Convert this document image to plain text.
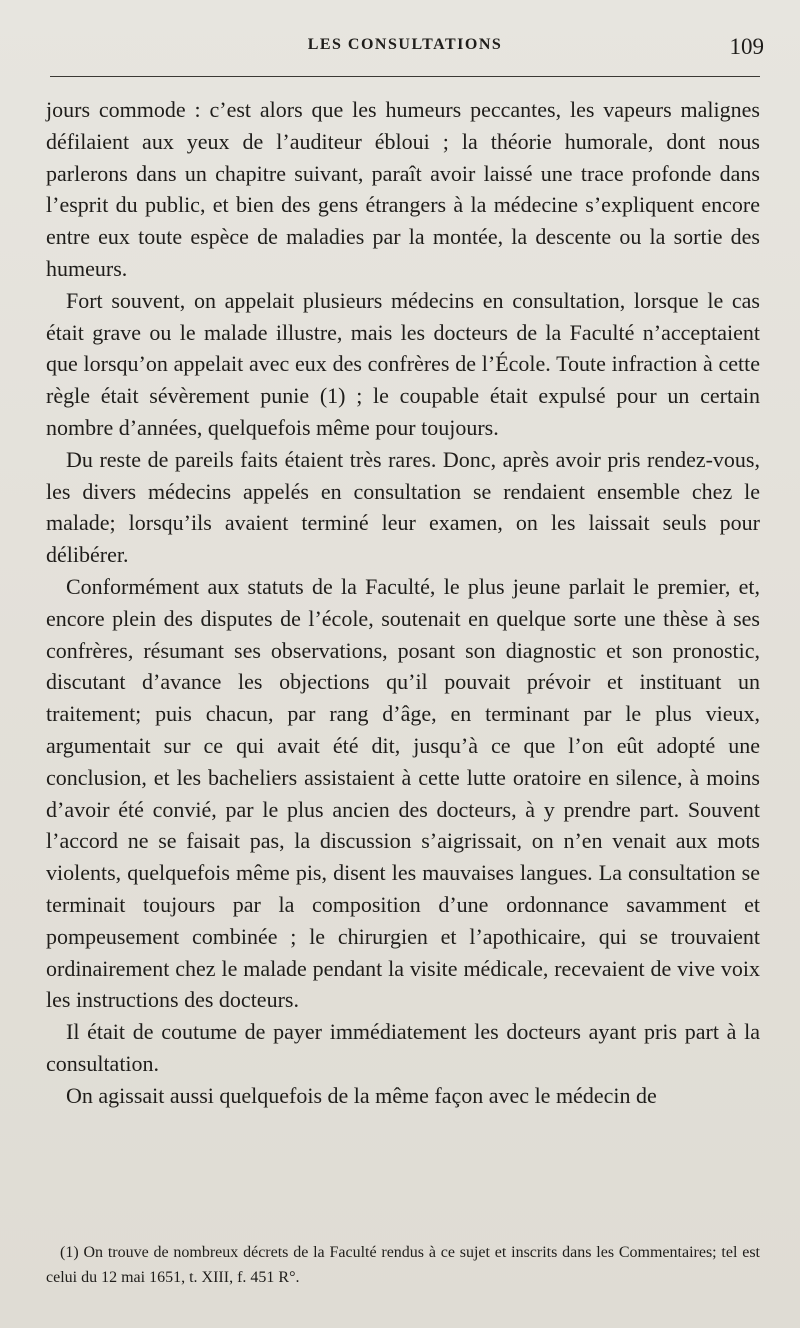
LES CONSULTATIONS	109

jours commode : c’est alors que les humeurs peccantes, les vapeurs malignes défilaient aux yeux de l’auditeur ébloui ; la théorie humorale, dont nous parlerons dans un chapitre suivant, paraît avoir laissé une trace profonde dans l’esprit du public, et bien des gens étrangers à la médecine s’expliquent encore entre eux toute espèce de maladies par la montée, la descente ou la sortie des humeurs.

Fort souvent, on appelait plusieurs médecins en consultation, lorsque le cas était grave ou le malade illustre, mais les docteurs de la Faculté n’acceptaient que lorsqu’on appelait avec eux des confrères de l’École. Toute infraction à cette règle était sévèrement punie (1) ; le coupable était expulsé pour un certain nombre d’années, quelquefois même pour toujours.

Du reste de pareils faits étaient très rares. Donc, après avoir pris rendez-vous, les divers médecins appelés en consultation se rendaient ensemble chez le malade; lorsqu’ils avaient terminé leur examen, on les laissait seuls pour délibérer.

Conformément aux statuts de la Faculté, le plus jeune parlait le premier, et, encore plein des disputes de l’école, soutenait en quelque sorte une thèse à ses confrères, résumant ses observations, posant son diagnostic et son pronostic, discutant d’avance les objections qu’il pouvait prévoir et instituant un traitement; puis chacun, par rang d’âge, en terminant par le plus vieux, argumentait sur ce qui avait été dit, jusqu’à ce que l’on eût adopté une conclusion, et les bacheliers assistaient à cette lutte oratoire en silence, à moins d’avoir été convié, par le plus ancien des docteurs, à y prendre part. Souvent l’accord ne se faisait pas, la discussion s’aigrissait, on n’en venait aux mots violents, quelquefois même pis, disent les mauvaises langues. La consultation se terminait toujours par la composition d’une ordonnance savamment et pompeusement combinée ; le chirurgien et l’apothicaire, qui se trouvaient ordinairement chez le malade pendant la visite médicale, recevaient de vive voix les instructions des docteurs.

Il était de coutume de payer immédiatement les docteurs ayant pris part à la consultation.

On agissait aussi quelquefois de la même façon avec le médecin de

(1) On trouve de nombreux décrets de la Faculté rendus à ce sujet et inscrits dans les Commentaires; tel est celui du 12 mai 1651, t. XIII, f. 451 R°.
